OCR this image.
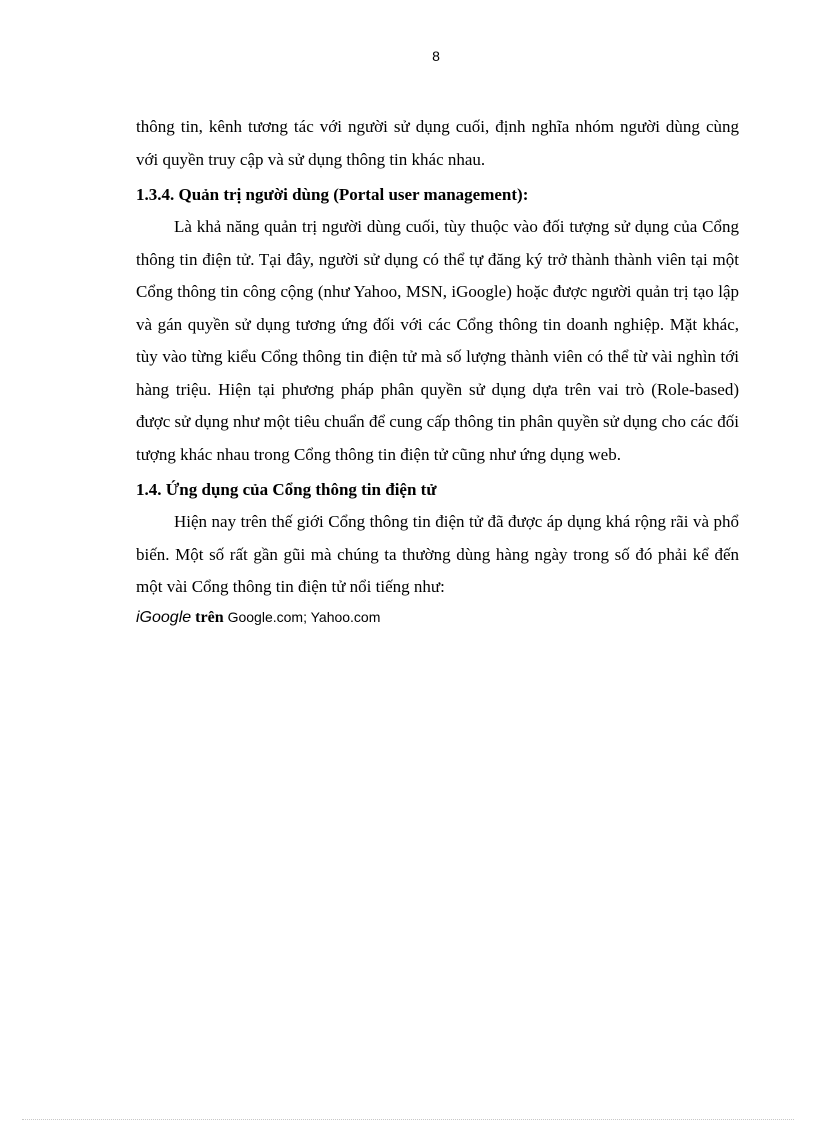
8

thông tin, kênh tương tác với người sử dụng cuối, định nghĩa nhóm người dùng cùng với quyền truy cập và sử dụng thông tin khác nhau.

1.3.4. Quản trị người dùng (Portal user management):

Là khả năng quản trị người dùng cuối, tùy thuộc vào đối tượng sử dụng của Cổng thông tin điện tử. Tại đây, người sử dụng có thể tự đăng ký trở thành thành viên tại một Cổng thông tin công cộng (như Yahoo, MSN, iGoogle) hoặc được người quản trị tạo lập và gán quyền sử dụng tương ứng đối với các Cổng thông tin doanh nghiệp. Mặt khác, tùy vào từng kiểu Cổng thông tin điện tử mà số lượng thành viên có thể từ vài nghìn tới hàng triệu. Hiện tại phương pháp phân quyền sử dụng dựa trên vai trò (Role-based) được sử dụng như một tiêu chuẩn để cung cấp thông tin phân quyền sử dụng cho các đối tượng khác nhau trong Cổng thông tin điện tử cũng như ứng dụng web.

1.4. Ứng dụng của Cổng thông tin điện tử

Hiện nay trên thế giới Cổng thông tin điện tử đã được áp dụng khá rộng rãi và phổ biến. Một số rất gần gũi mà chúng ta thường dùng hàng ngày trong số đó phải kể đến một vài Cổng thông tin điện tử nổi tiếng như:

iGoogle trên Google.com; Yahoo.com
